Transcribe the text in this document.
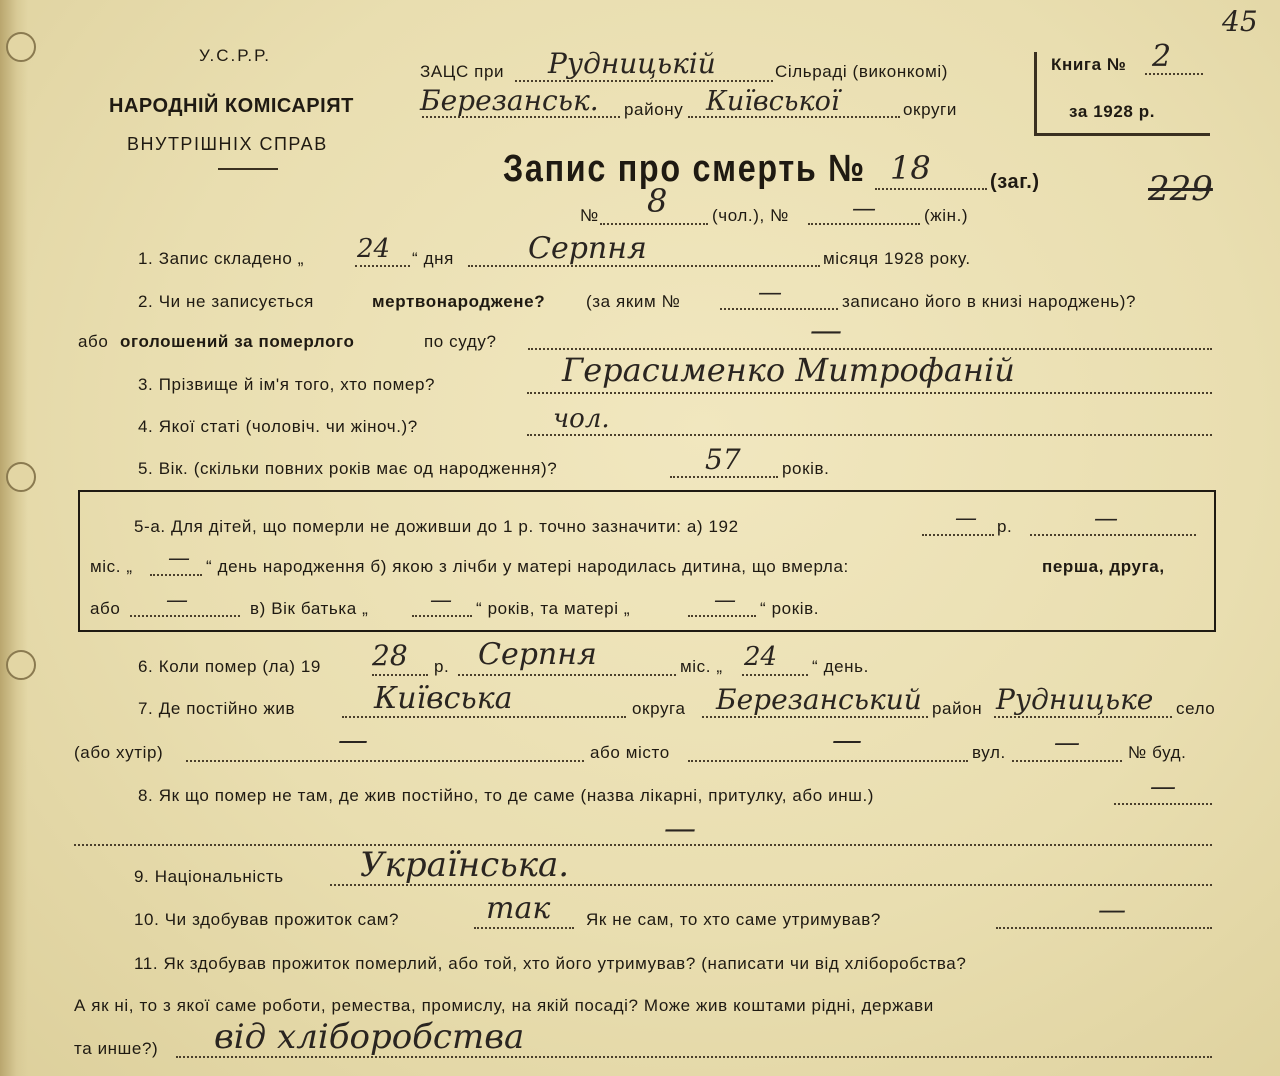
У.С.Р.Р.
НАРОДНІЙ КОМІСАРІЯТ
ВНУТРІШНІХ СПРАВ
ЗАЦС при Рудницькій	Сільраді (виконкомі)
Березанськ. району Київської	округи
Книга № 2
за 1928 р.
45
Запис про смерть № 18	(заг.)	229
№ 8	(чол.), №	—	(жін.)
1. Запис складено „ 24 “ дня Серпня	місяця 1928 року.
2. Чи не записується	мертвонароджене? (за яким №	—	записано його в книзі народжень)?
або оголошений за померлого	по суду?	—
3. Прізвище й ім'я того, хто помер?	Герасименко Митрофаній
4. Якої статі (чоловіч. чи жіноч.)?	чол.
5. Вік. (скільки повних років має од народження)?	57 років.
5-а. Для дітей, що померли не доживши до 1 р. точно зазначити: а) 192	— р.	—
міс. „ — “ день народження б) якою з лічби у матері народилась дитина, що вмерла:	перша, друга,
або —	в) Вік батька „	— “ років, та матері „	— “ років.
6. Коли помер (ла) 19 28 р. Серпня	міс. „ 24 “ день.
7. Де постійно жив	Київська	округа Березанський район Рудницьке село
(або хутір)	—	або місто	—	вул. —	№ буд.
8. Як що помер не там, де жив постійно, то де саме (назва лікарні, притулку, або инш.)	—
—
9. Національність Українська.
10. Чи здобував прожиток сам?	так Як не сам, то хто саме утримував?	—
11. Як здобував прожиток померлий, або той, хто його утримував? (написати чи від хліборобства?
А як ні, то з якої саме роботи, ремества, промислу, на якій посаді? Може жив коштами рідні, держави
та инше?) від хліборобства
